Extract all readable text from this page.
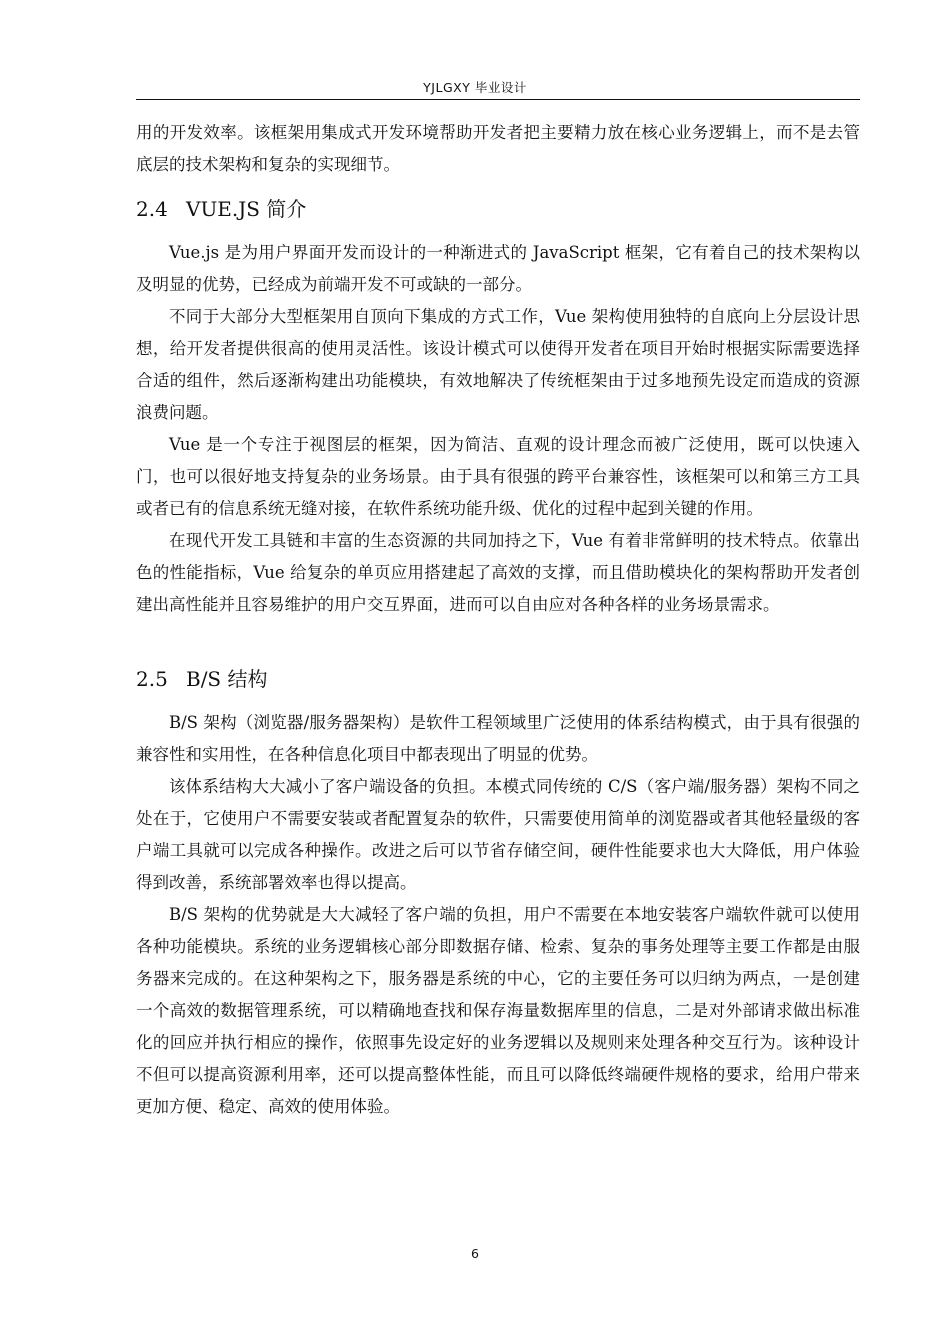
YJLGXY 毕业设计

用的开发效率。该框架用集成式开发环境帮助开发者把主要精力放在核心业务逻辑上，而不是去管底层的技术架构和复杂的实现细节。

2.4 VUE.JS 简介

Vue.js 是为用户界面开发而设计的一种渐进式的 JavaScript 框架，它有着自己的技术架构以及明显的优势，已经成为前端开发不可或缺的一部分。

不同于大部分大型框架用自顶向下集成的方式工作，Vue 架构使用独特的自底向上分层设计思想，给开发者提供很高的使用灵活性。该设计模式可以使得开发者在项目开始时根据实际需要选择合适的组件，然后逐渐构建出功能模块，有效地解决了传统框架由于过多地预先设定而造成的资源浪费问题。

Vue 是一个专注于视图层的框架，因为简洁、直观的设计理念而被广泛使用，既可以快速入门，也可以很好地支持复杂的业务场景。由于具有很强的跨平台兼容性，该框架可以和第三方工具或者已有的信息系统无缝对接，在软件系统功能升级、优化的过程中起到关键的作用。

在现代开发工具链和丰富的生态资源的共同加持之下，Vue 有着非常鲜明的技术特点。依靠出色的性能指标，Vue 给复杂的单页应用搭建起了高效的支撑，而且借助模块化的架构帮助开发者创建出高性能并且容易维护的用户交互界面，进而可以自由应对各种各样的业务场景需求。

2.5 B/S 结构

B/S 架构（浏览器/服务器架构）是软件工程领域里广泛使用的体系结构模式，由于具有很强的兼容性和实用性，在各种信息化项目中都表现出了明显的优势。

该体系结构大大减小了客户端设备的负担。本模式同传统的 C/S（客户端/服务器）架构不同之处在于，它使用户不需要安装或者配置复杂的软件，只需要使用简单的浏览器或者其他轻量级的客户端工具就可以完成各种操作。改进之后可以节省存储空间，硬件性能要求也大大降低，用户体验得到改善，系统部署效率也得以提高。

B/S 架构的优势就是大大减轻了客户端的负担，用户不需要在本地安装客户端软件就可以使用各种功能模块。系统的业务逻辑核心部分即数据存储、检索、复杂的事务处理等主要工作都是由服务器来完成的。在这种架构之下，服务器是系统的中心，它的主要任务可以归纳为两点，一是创建一个高效的数据管理系统，可以精确地查找和保存海量数据库里的信息，二是对外部请求做出标准化的回应并执行相应的操作，依照事先设定好的业务逻辑以及规则来处理各种交互行为。该种设计不但可以提高资源利用率，还可以提高整体性能，而且可以降低终端硬件规格的要求，给用户带来更加方便、稳定、高效的使用体验。

6
